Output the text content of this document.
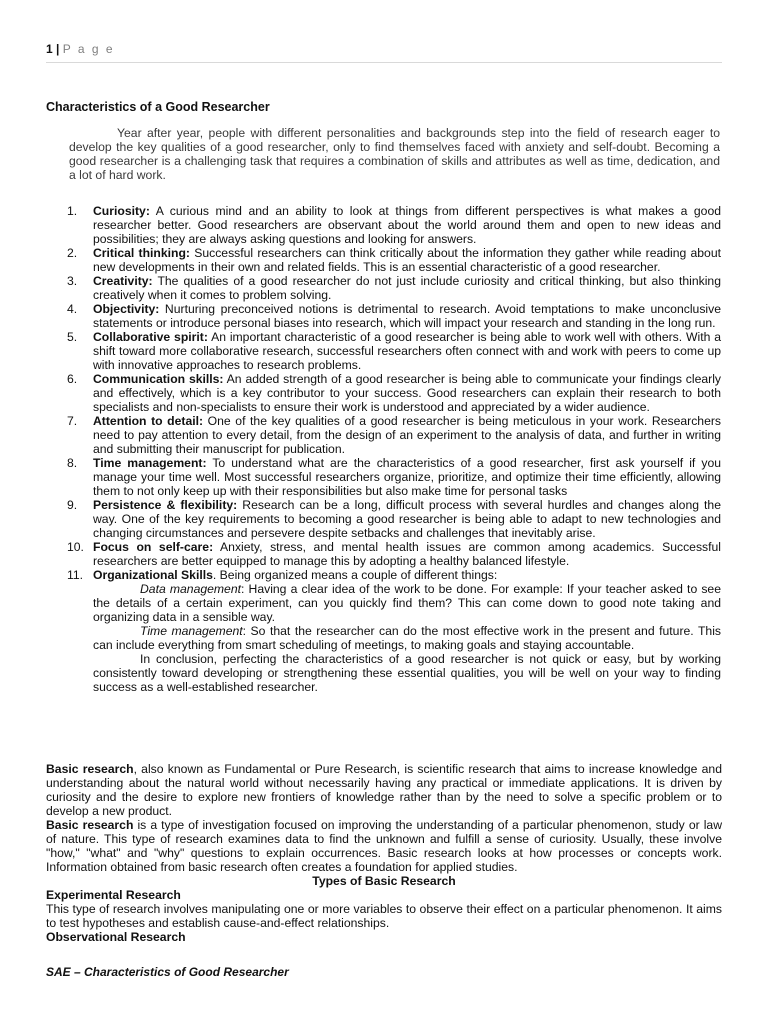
1 | P a g e
Characteristics of a Good Researcher

Year after year, people with different personalities and backgrounds step into the field of research eager to develop the key qualities of a good researcher, only to find themselves faced with anxiety and self-doubt. Becoming a good researcher is a challenging task that requires a combination of skills and attributes as well as time, dedication, and a lot of hard work.

1.	Curiosity: A curious mind and an ability to look at things from different perspectives is what makes a good researcher better. Good researchers are observant about the world around them and open to new ideas and possibilities; they are always asking questions and looking for answers.
2.	Critical thinking: Successful researchers can think critically about the information they gather while reading about new developments in their own and related fields. This is an essential characteristic of a good researcher.
3.	Creativity: The qualities of a good researcher do not just include curiosity and critical thinking, but also thinking creatively when it comes to problem solving.
4.	Objectivity: Nurturing preconceived notions is detrimental to research. Avoid temptations to make unconclusive statements or introduce personal biases into research, which will impact your research and standing in the long run.
5.	Collaborative spirit: An important characteristic of a good researcher is being able to work well with others. With a shift toward more collaborative research, successful researchers often connect with and work with peers to come up with innovative approaches to research problems.
6.	Communication skills: An added strength of a good researcher is being able to communicate your findings clearly and effectively, which is a key contributor to your success. Good researchers can explain their research to both specialists and non-specialists to ensure their work is understood and appreciated by a wider audience.
7.	Attention to detail: One of the key qualities of a good researcher is being meticulous in your work. Researchers need to pay attention to every detail, from the design of an experiment to the analysis of data, and further in writing and submitting their manuscript for publication.
8.	Time management: To understand what are the characteristics of a good researcher, first ask yourself if you manage your time well. Most successful researchers organize, prioritize, and optimize their time efficiently, allowing them to not only keep up with their responsibilities but also make time for personal tasks
9.	Persistence & flexibility: Research can be a long, difficult process with several hurdles and changes along the way. One of the key requirements to becoming a good researcher is being able to adapt to new technologies and changing circumstances and persevere despite setbacks and challenges that inevitably arise.
10. Focus on self-care: Anxiety, stress, and mental health issues are common among academics. Successful researchers are better equipped to manage this by adopting a healthy balanced lifestyle.
11. Organizational Skills. Being organized means a couple of different things:

Data management: Having a clear idea of the work to be done. For example: If your teacher asked to see the details of a certain experiment, can you quickly find them? This can come down to good note taking and organizing data in a sensible way.

Time management: So that the researcher can do the most effective work in the present and future. This can include everything from smart scheduling of meetings, to making goals and staying accountable.

In conclusion, perfecting the characteristics of a good researcher is not quick or easy, but by working consistently toward developing or strengthening these essential qualities, you will be well on your way to finding success as a well-established researcher.

Basic research, also known as Fundamental or Pure Research, is scientific research that aims to increase knowledge and understanding about the natural world without necessarily having any practical or immediate applications. It is driven by curiosity and the desire to explore new frontiers of knowledge rather than by the need to solve a specific problem or to develop a new product.

Basic research is a type of investigation focused on improving the understanding of a particular phenomenon, study or law of nature. This type of research examines data to find the unknown and fulfill a sense of curiosity. Usually, these involve "how," "what" and "why" questions to explain occurrences. Basic research looks at how processes or concepts work. Information obtained from basic research often creates a foundation for applied studies.

Types of Basic Research

Experimental Research

This type of research involves manipulating one or more variables to observe their effect on a particular phenomenon. It aims to test hypotheses and establish cause-and-effect relationships.

Observational Research

SAE – Characteristics of Good Researcher
